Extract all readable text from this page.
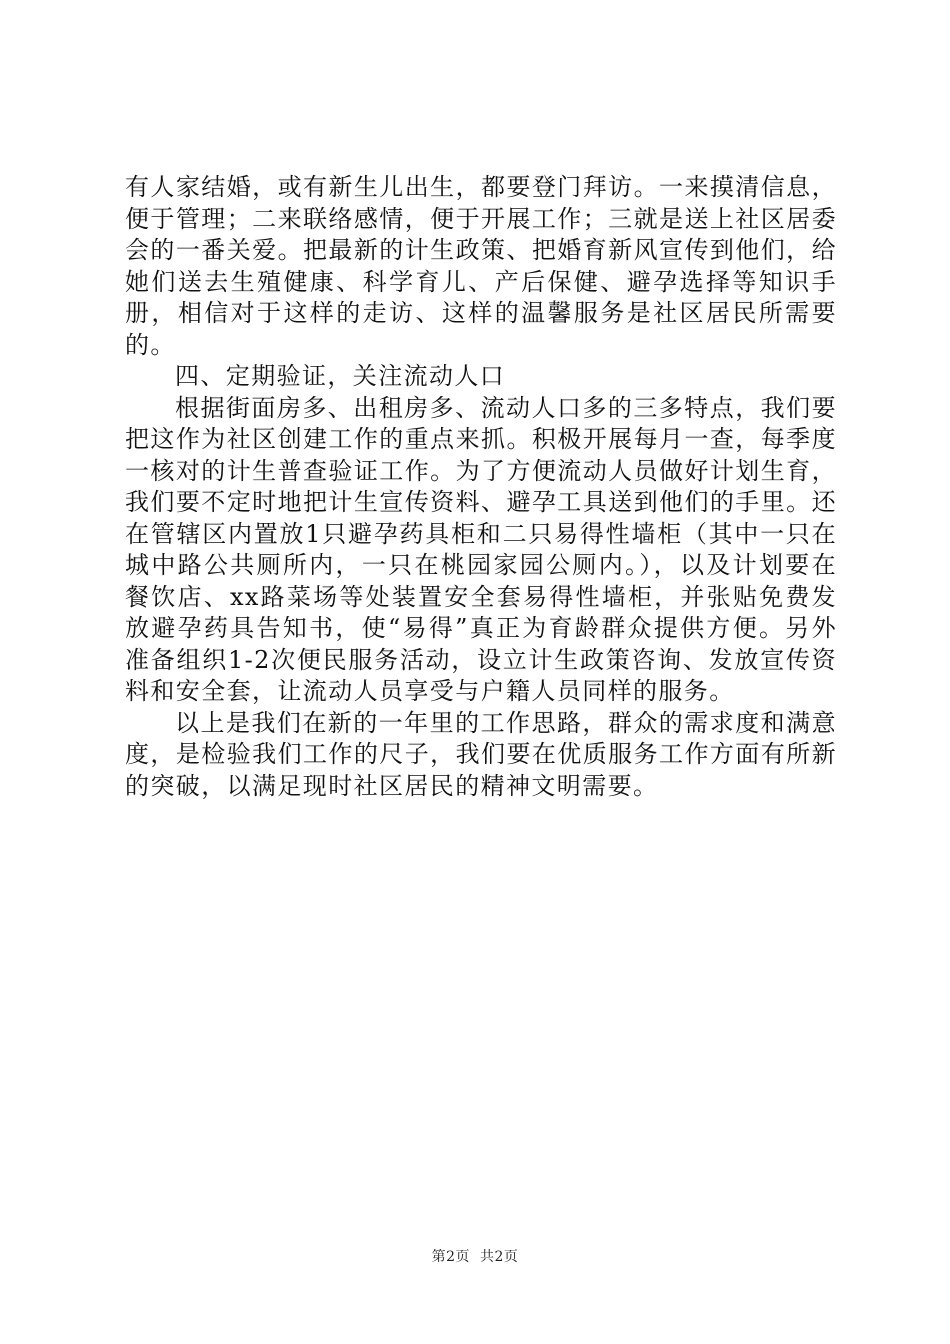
有人家结婚，或有新生儿出生，都要登门拜访。一来摸清信息，便于管理；二来联络感情，便于开展工作；三就是送上社区居委会的一番关爱。把最新的计生政策、把婚育新风宣传到他们，给她们送去生殖健康、科学育儿、产后保健、避孕选择等知识手册，相信对于这样的走访、这样的温馨服务是社区居民所需要的。

四、定期验证，关注流动人口

根据街面房多、出租房多、流动人口多的三多特点，我们要把这作为社区创建工作的重点来抓。积极开展每月一查，每季度一核对的计生普查验证工作。为了方便流动人员做好计划生育，我们要不定时地把计生宣传资料、避孕工具送到他们的手里。还在管辖区内置放1只避孕药具柜和二只易得性墙柜（其中一只在城中路公共厕所内，一只在桃园家园公厕内。），以及计划要在餐饮店、xx路菜场等处装置安全套易得性墙柜，并张贴免费发放避孕药具告知书，使“易得”真正为育龄群众提供方便。另外准备组织1-2次便民服务活动，设立计生政策咨询、发放宣传资料和安全套，让流动人员享受与户籍人员同样的服务。

以上是我们在新的一年里的工作思路，群众的需求度和满意度，是检验我们工作的尺子，我们要在优质服务工作方面有所新的突破，以满足现时社区居民的精神文明需要。

第2页 共2页
